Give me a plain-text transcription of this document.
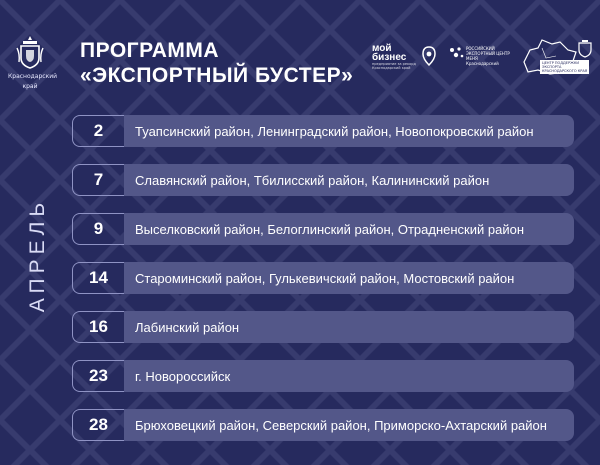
Краснодарский
край
ПРОГРАММА
«ЭКСПОРТНЫЙ БУСТЕР»
мой
бизнес
предприятие за рекорд
Краснодарский край
РОССИЙСКИЙ
ЭКСПОРТНЫЙ ЦЕНТР
МЕНЯ
Краснодарский	ЦЕНТР ПОДДЕРЖКИ
ЭКСПОРТА
КРАСНОДАРСКОГО КРАЯ
АПРЕЛЬ
2	Туапсинский район, Ленинградский район, Новопокровский район
7	Славянский район, Тбилисский район, Калининский район
9	Выселковский район, Белоглинский район, Отрадненский район
14	Староминский район, Гулькевичский район, Мостовский район
16	Лабинский район
23	г. Новороссийск
28	Брюховецкий район, Северский район, Приморско-Ахтарский район
